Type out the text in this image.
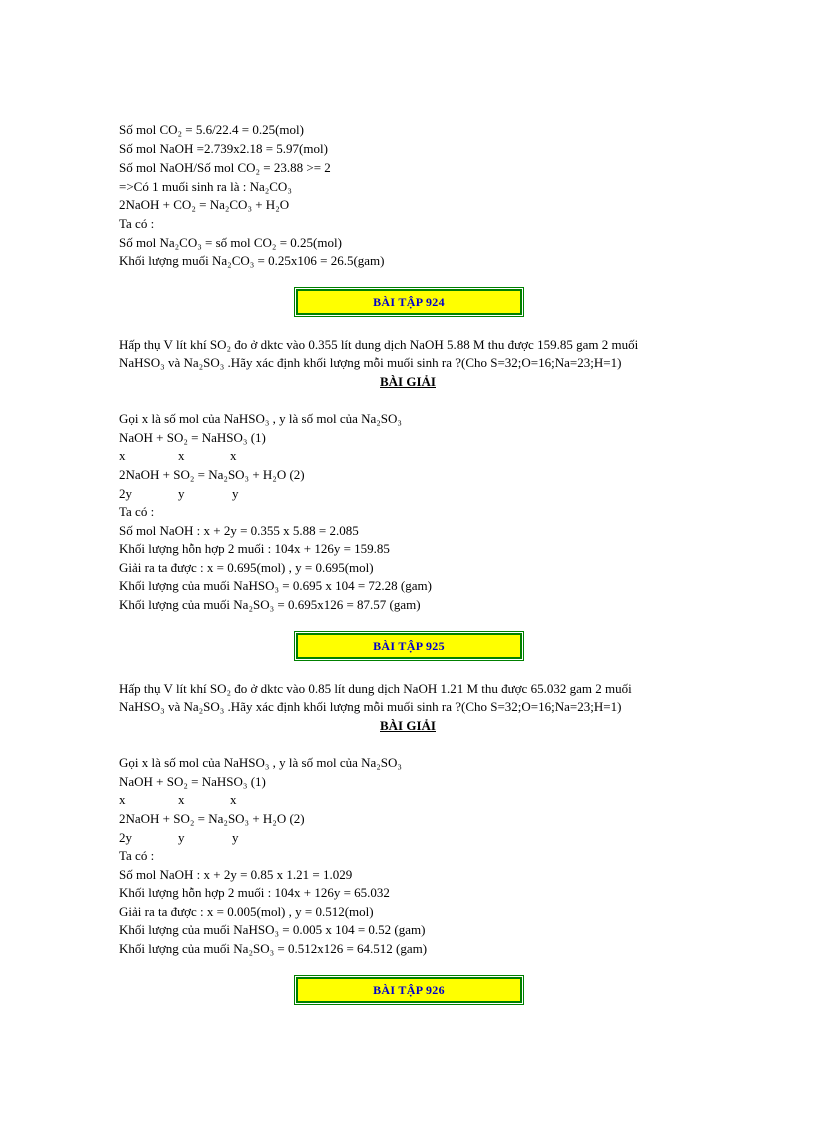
Số mol CO₂ = 5.6/22.4 = 0.25(mol)
Số mol NaOH =2.739x2.18 = 5.97(mol)
Số mol NaOH/Số mol CO₂ = 23.88 >= 2
=>Có 1 muối sinh ra là : Na₂CO₃
2NaOH + CO₂ = Na₂CO₃ + H₂O
Ta có :
Số mol Na₂CO₃ = số mol CO₂ = 0.25(mol)
Khối lượng muối Na₂CO₃ = 0.25x106 = 26.5(gam)
BÀI TẬP 924
Hấp thụ V lít khí SO₂ đo ở dktc vào 0.355 lít dung dịch NaOH 5.88 M thu được 159.85 gam 2 muối
NaHSO₃ và Na₂SO₃ .Hãy xác định khối lượng mỗi muối sinh ra ?(Cho S=32;O=16;Na=23;H=1)
BÀI GIẢI
Gọi x là số mol của NaHSO₃ , y là số mol của Na₂SO₃
NaOH + SO₂ = NaHSO₃ (1)
x	x	x
2NaOH + SO₂ = Na₂SO₃ + H₂O (2)
2y	y	y
Ta có :
Số mol NaOH : x + 2y = 0.355 x 5.88 = 2.085
Khối lượng hỗn hợp 2 muối : 104x + 126y = 159.85
Giải ra ta được : x = 0.695(mol) , y = 0.695(mol)
Khối lượng của muối NaHSO₃ = 0.695 x 104 = 72.28 (gam)
Khối lượng của muối Na₂SO₃ = 0.695x126 = 87.57 (gam)
BÀI TẬP 925
Hấp thụ V lít khí SO₂ đo ở dktc vào 0.85 lít dung dịch NaOH 1.21 M thu được 65.032 gam 2 muối
NaHSO₃ và Na₂SO₃ .Hãy xác định khối lượng mỗi muối sinh ra ?(Cho S=32;O=16;Na=23;H=1)
BÀI GIẢI
Gọi x là số mol của NaHSO₃ , y là số mol của Na₂SO₃
NaOH + SO₂ = NaHSO₃ (1)
x	x	x
2NaOH + SO₂ = Na₂SO₃ + H₂O (2)
2y	y	y
Ta có :
Số mol NaOH : x + 2y = 0.85 x 1.21 = 1.029
Khối lượng hỗn hợp 2 muối : 104x + 126y = 65.032
Giải ra ta được : x = 0.005(mol) , y = 0.512(mol)
Khối lượng của muối NaHSO₃ = 0.005 x 104 = 0.52 (gam)
Khối lượng của muối Na₂SO₃ = 0.512x126 = 64.512 (gam)
BÀI TẬP 926
